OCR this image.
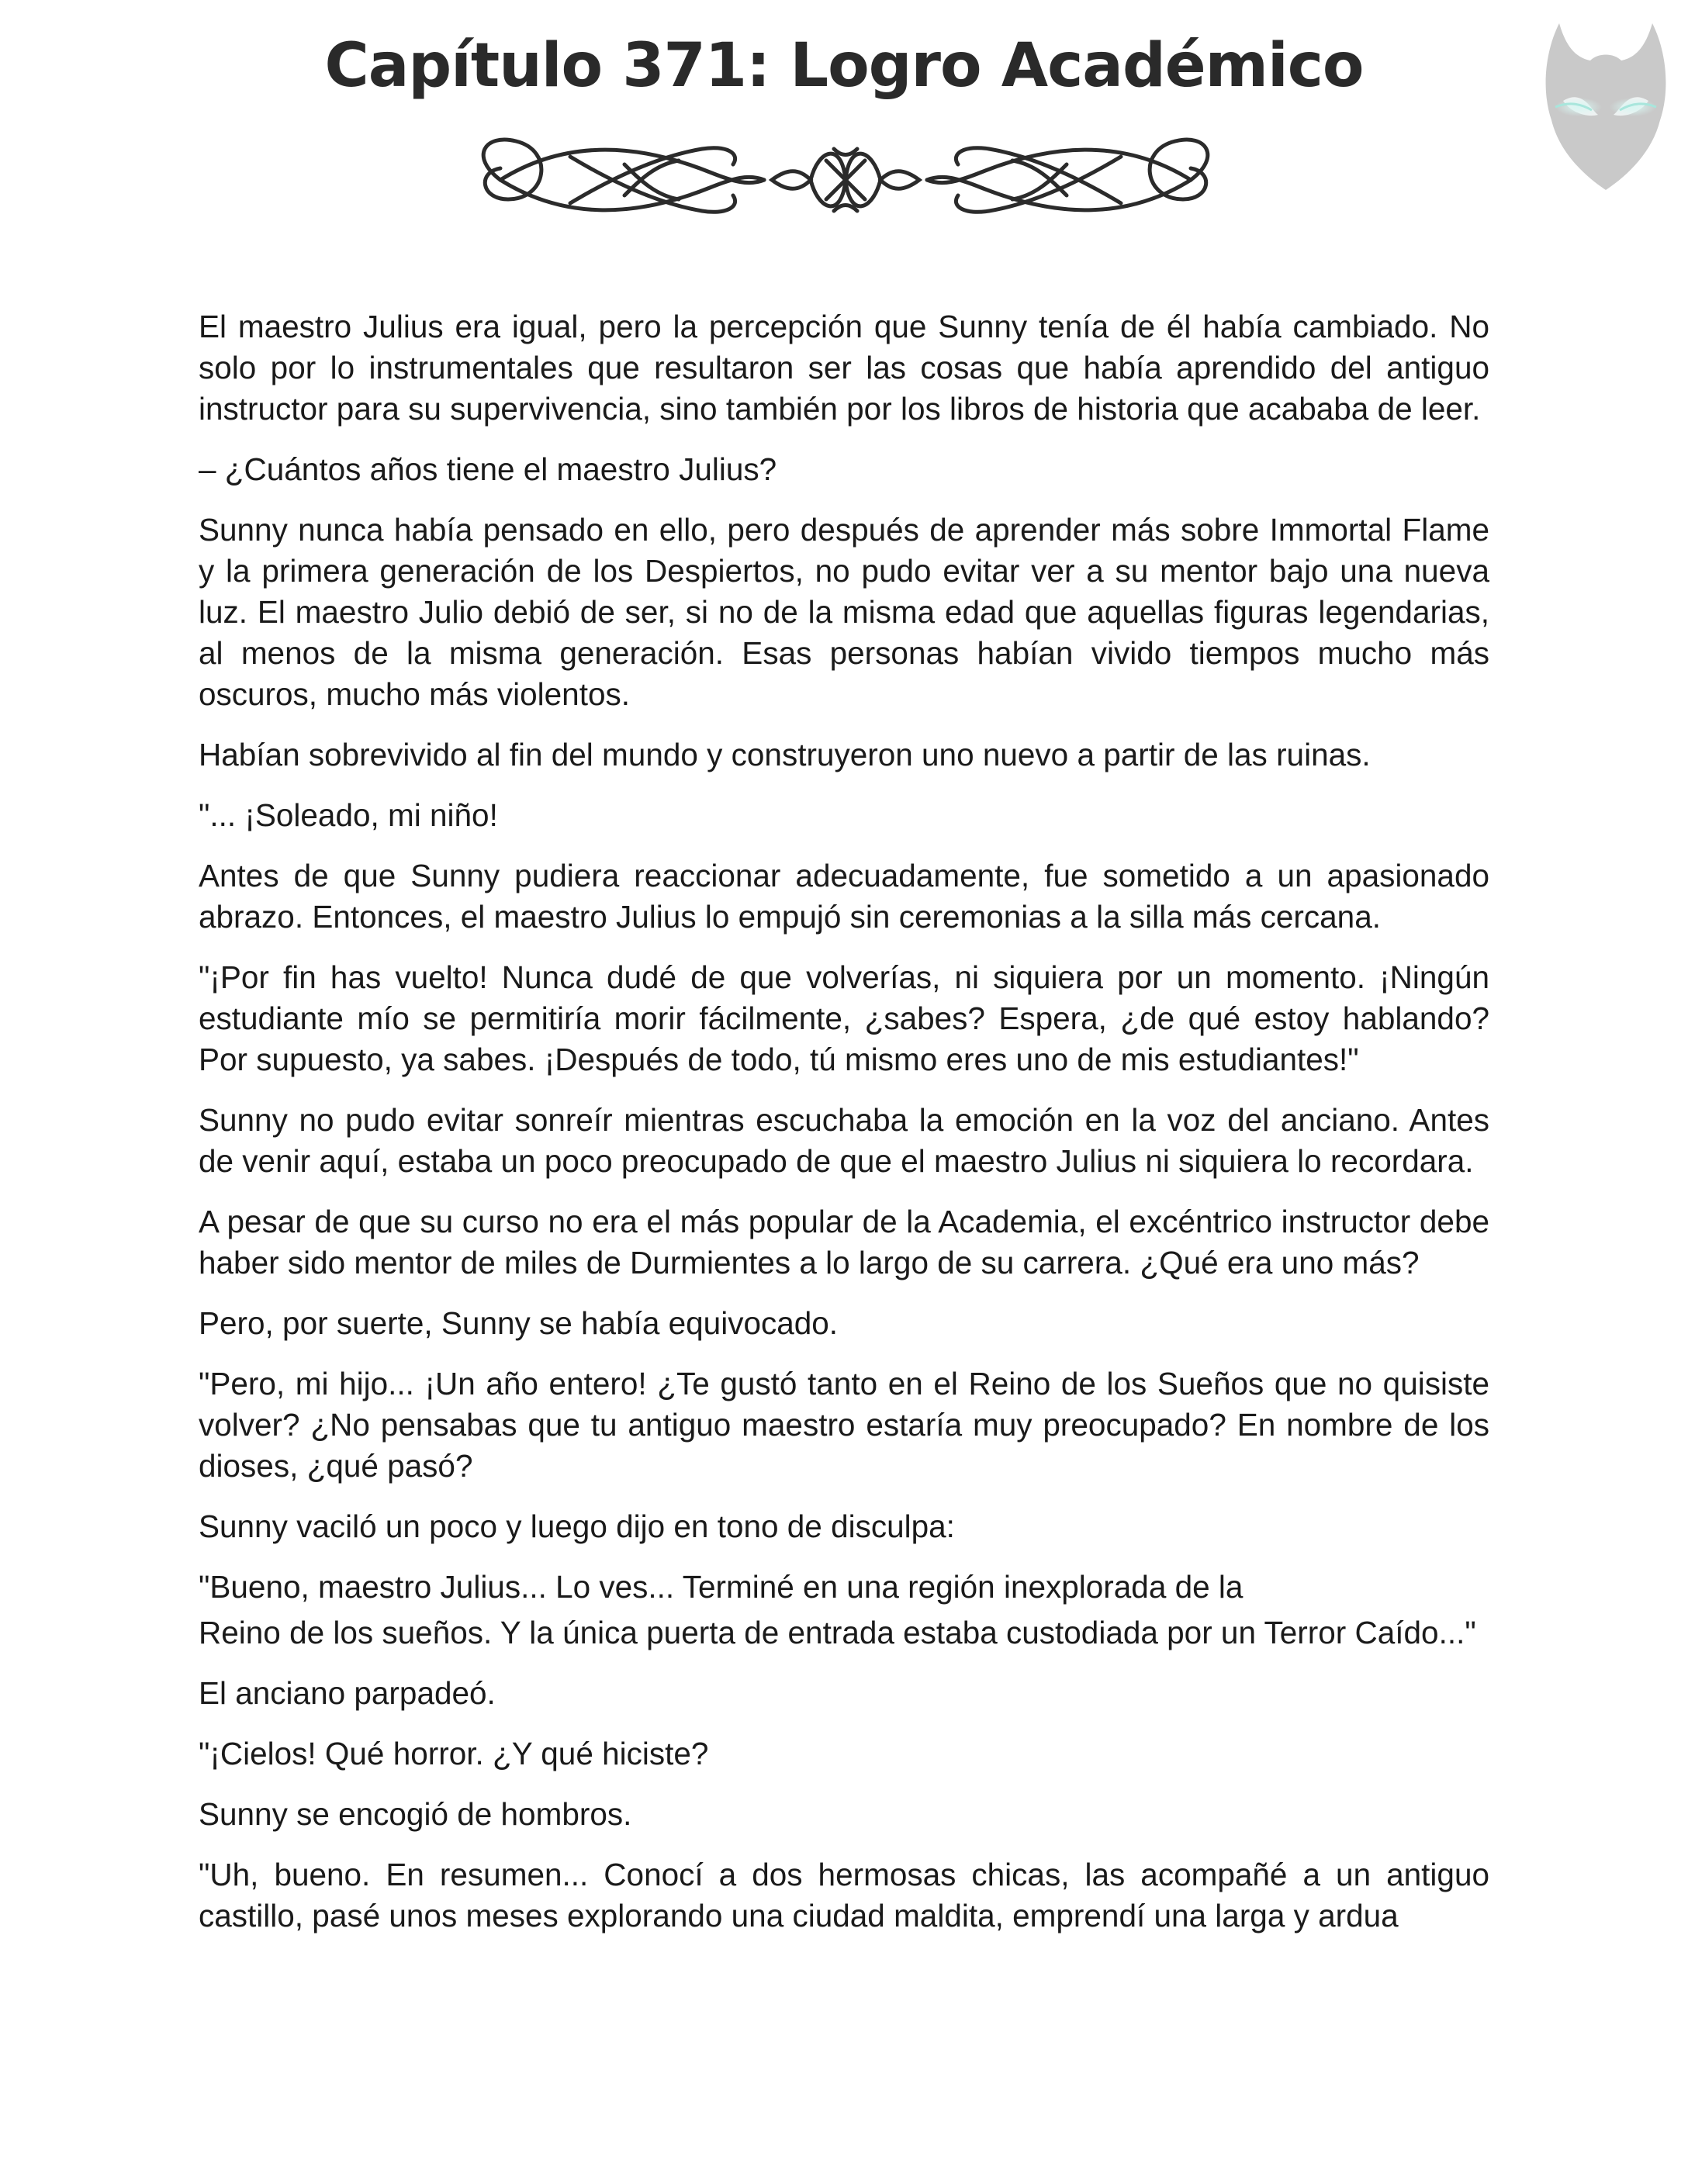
Capítulo 371: Logro Académico

El maestro Julius era igual, pero la percepción que Sunny tenía de él había cambiado. No solo por lo instrumentales que resultaron ser las cosas que había aprendido del antiguo instructor para su supervivencia, sino también por los libros de historia que acababa de leer.

– ¿Cuántos años tiene el maestro Julius?

Sunny nunca había pensado en ello, pero después de aprender más sobre Immortal Flame y la primera generación de los Despiertos, no pudo evitar ver a su mentor bajo una nueva luz. El maestro Julio debió de ser, si no de la misma edad que aquellas figuras legendarias, al menos de la misma generación. Esas personas habían vivido tiempos mucho más oscuros, mucho más violentos.

Habían sobrevivido al fin del mundo y construyeron uno nuevo a partir de las ruinas.

"... ¡Soleado, mi niño!

Antes de que Sunny pudiera reaccionar adecuadamente, fue sometido a un apasionado abrazo. Entonces, el maestro Julius lo empujó sin ceremonias a la silla más cercana.

"¡Por fin has vuelto! Nunca dudé de que volverías, ni siquiera por un momento. ¡Ningún estudiante mío se permitiría morir fácilmente, ¿sabes? Espera, ¿de qué estoy hablando? Por supuesto, ya sabes. ¡Después de todo, tú mismo eres uno de mis estudiantes!"

Sunny no pudo evitar sonreír mientras escuchaba la emoción en la voz del anciano. Antes de venir aquí, estaba un poco preocupado de que el maestro Julius ni siquiera lo recordara.

A pesar de que su curso no era el más popular de la Academia, el excéntrico instructor debe haber sido mentor de miles de Durmientes a lo largo de su carrera. ¿Qué era uno más?

Pero, por suerte, Sunny se había equivocado.

"Pero, mi hijo... ¡Un año entero! ¿Te gustó tanto en el Reino de los Sueños que no quisiste volver? ¿No pensabas que tu antiguo maestro estaría muy preocupado? En nombre de los dioses, ¿qué pasó?

Sunny vaciló un poco y luego dijo en tono de disculpa:

"Bueno, maestro Julius... Lo ves... Terminé en una región inexplorada de la

Reino de los sueños. Y la única puerta de entrada estaba custodiada por un Terror Caído..."

El anciano parpadeó.

"¡Cielos! Qué horror. ¿Y qué hiciste?

Sunny se encogió de hombros.

"Uh, bueno. En resumen... Conocí a dos hermosas chicas, las acompañé a un antiguo castillo, pasé unos meses explorando una ciudad maldita, emprendí una larga y ardua
